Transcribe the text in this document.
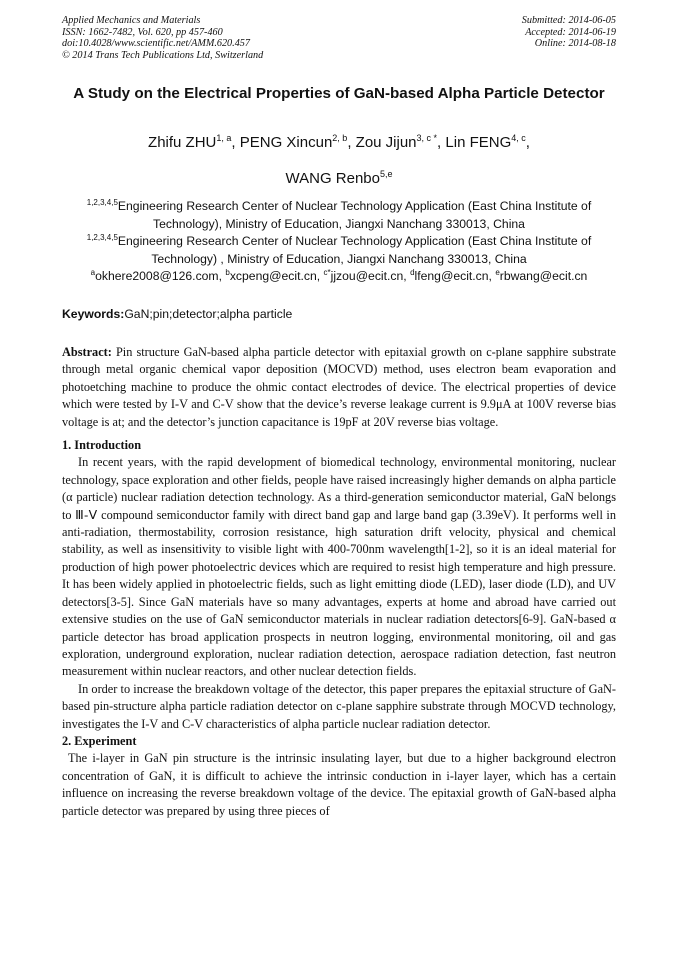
Applied Mechanics and Materials
ISSN: 1662-7482, Vol. 620, pp 457-460
doi:10.4028/www.scientific.net/AMM.620.457
© 2014 Trans Tech Publications Ltd, Switzerland
Submitted: 2014-06-05
Accepted: 2014-06-19
Online: 2014-08-18
A Study on the Electrical Properties of GaN-based Alpha Particle Detector
Zhifu ZHU$^{1, a}$, PENG Xincun$^{2, b}$, Zou Jijun$^{3, c *}$, Lin FENG$^{4, c}$,
WANG Renbo$^{5,e}$
$^{1,2,3,4,5}$Engineering Research Center of Nuclear Technology Application (East China Institute of Technology), Ministry of Education, Jiangxi Nanchang 330013, China
$^{1,2,3,4,5}$Engineering Research Center of Nuclear Technology Application (East China Institute of Technology) , Ministry of Education, Jiangxi Nanchang 330013, China
$^a$okhere2008@126.com, $^b$xcpeng@ecit.cn, $^{c*}$jjzou@ecit.cn, $^d$lfeng@ecit.cn, $^e$rbwang@ecit.cn
Keywords:GaN;pin;detector;alpha particle

Abstract: Pin structure GaN-based alpha particle detector with epitaxial growth on c-plane sapphire substrate through metal organic chemical vapor deposition (MOCVD) method, uses electron beam evaporation and photoetching machine to produce the ohmic contact electrodes of device. The electrical properties of device which were tested by I-V and C-V show that the device’s reverse leakage current is 9.9μA at 100V reverse bias voltage is at; and the detector’s junction capacitance is 19pF at 20V reverse bias voltage.

1. Introduction

In recent years, with the rapid development of biomedical technology, environmental monitoring, nuclear technology, space exploration and other fields, people have raised increasingly higher demands on alpha particle (α particle) nuclear radiation detection technology. As a third-generation semiconductor material, GaN belongs to Ⅲ-Ⅴ compound semiconductor family with direct band gap and large band gap (3.39eV). It performs well in anti-radiation, thermostability, corrosion resistance, high saturation drift velocity, physical and chemical stability, as well as insensitivity to visible light with 400-700nm wavelength[1-2], so it is an ideal material for production of high power photoelectric devices which are required to resist high temperature and high pressure. It has been widely applied in photoelectric fields, such as light emitting diode (LED), laser diode (LD), and UV detectors[3-5]. Since GaN materials have so many advantages, experts at home and abroad have carried out extensive studies on the use of GaN semiconductor materials in nuclear radiation detectors[6-9]. GaN-based α particle detector has broad application prospects in neutron logging, environmental monitoring, oil and gas exploration, underground exploration, nuclear radiation detection, aerospace radiation detection, fast neutron measurement within nuclear reactors, and other nuclear detection fields.

In order to increase the breakdown voltage of the detector, this paper prepares the epitaxial structure of GaN-based pin-structure alpha particle radiation detector on c-plane sapphire substrate through MOCVD technology, investigates the I-V and C-V characteristics of alpha particle nuclear radiation detector.

2. Experiment

The i-layer in GaN pin structure is the intrinsic insulating layer, but due to a higher background electron concentration of GaN, it is difficult to achieve the intrinsic conduction in i-layer layer, which has a certain influence on increasing the reverse breakdown voltage of the device. The epitaxial growth of GaN-based alpha particle detector was prepared by using three pieces of
